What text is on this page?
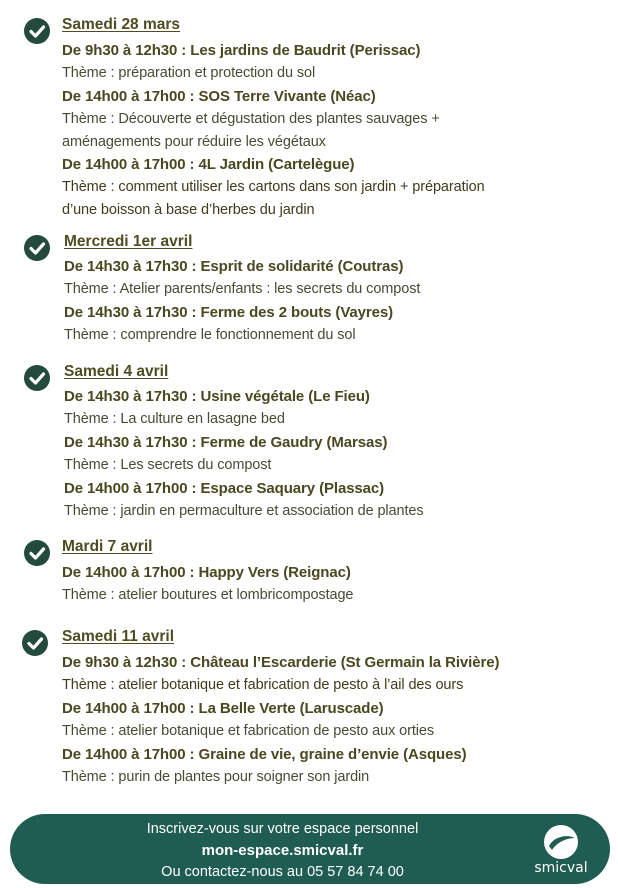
Samedi 28 mars
De 9h30 à 12h30 : Les jardins de Baudrit (Perissac)
Thème : préparation et protection du sol
De 14h00 à 17h00 : SOS Terre Vivante (Néac)
Thème : Découverte et dégustation des plantes sauvages +
aménagements pour réduire les végétaux
De 14h00 à 17h00 : 4L Jardin (Cartelègue)
Thème : comment utiliser les cartons dans son jardin + préparation
d’une boisson à base d’herbes du jardin
Mercredi 1er avril
De 14h30 à 17h30 : Esprit de solidarité (Coutras)
Thème : Atelier parents/enfants : les secrets du compost
De 14h30 à 17h30 : Ferme des 2 bouts (Vayres)
Thème : comprendre le fonctionnement du sol
Samedi 4 avril
De 14h30 à 17h30 : Usine végétale (Le Fieu)
Thème : La culture en lasagne bed
De 14h30 à 17h30 : Ferme de Gaudry (Marsas)
Thème : Les secrets du compost
De 14h00 à 17h00 : Espace Saquary (Plassac)
Thème : jardin en permaculture et association de plantes
Mardi 7 avril
De 14h00 à 17h00 : Happy Vers (Reignac)
Thème : atelier boutures et lombricompostage
Samedi 11 avril
De 9h30 à 12h30 : Château l’Escarderie (St Germain la Rivière)
Thème : atelier botanique et fabrication de pesto à l’ail des ours
De 14h00 à 17h00 : La Belle Verte (Laruscade)
Thème : atelier botanique et fabrication de pesto aux orties
De 14h00 à 17h00 : Graine de vie, graine d’envie (Asques)
Thème : purin de plantes pour soigner son jardin
Inscrivez-vous sur votre espace personnel
mon-espace.smicval.fr
Ou contactez-nous au 05 57 84 74 00	smicval
